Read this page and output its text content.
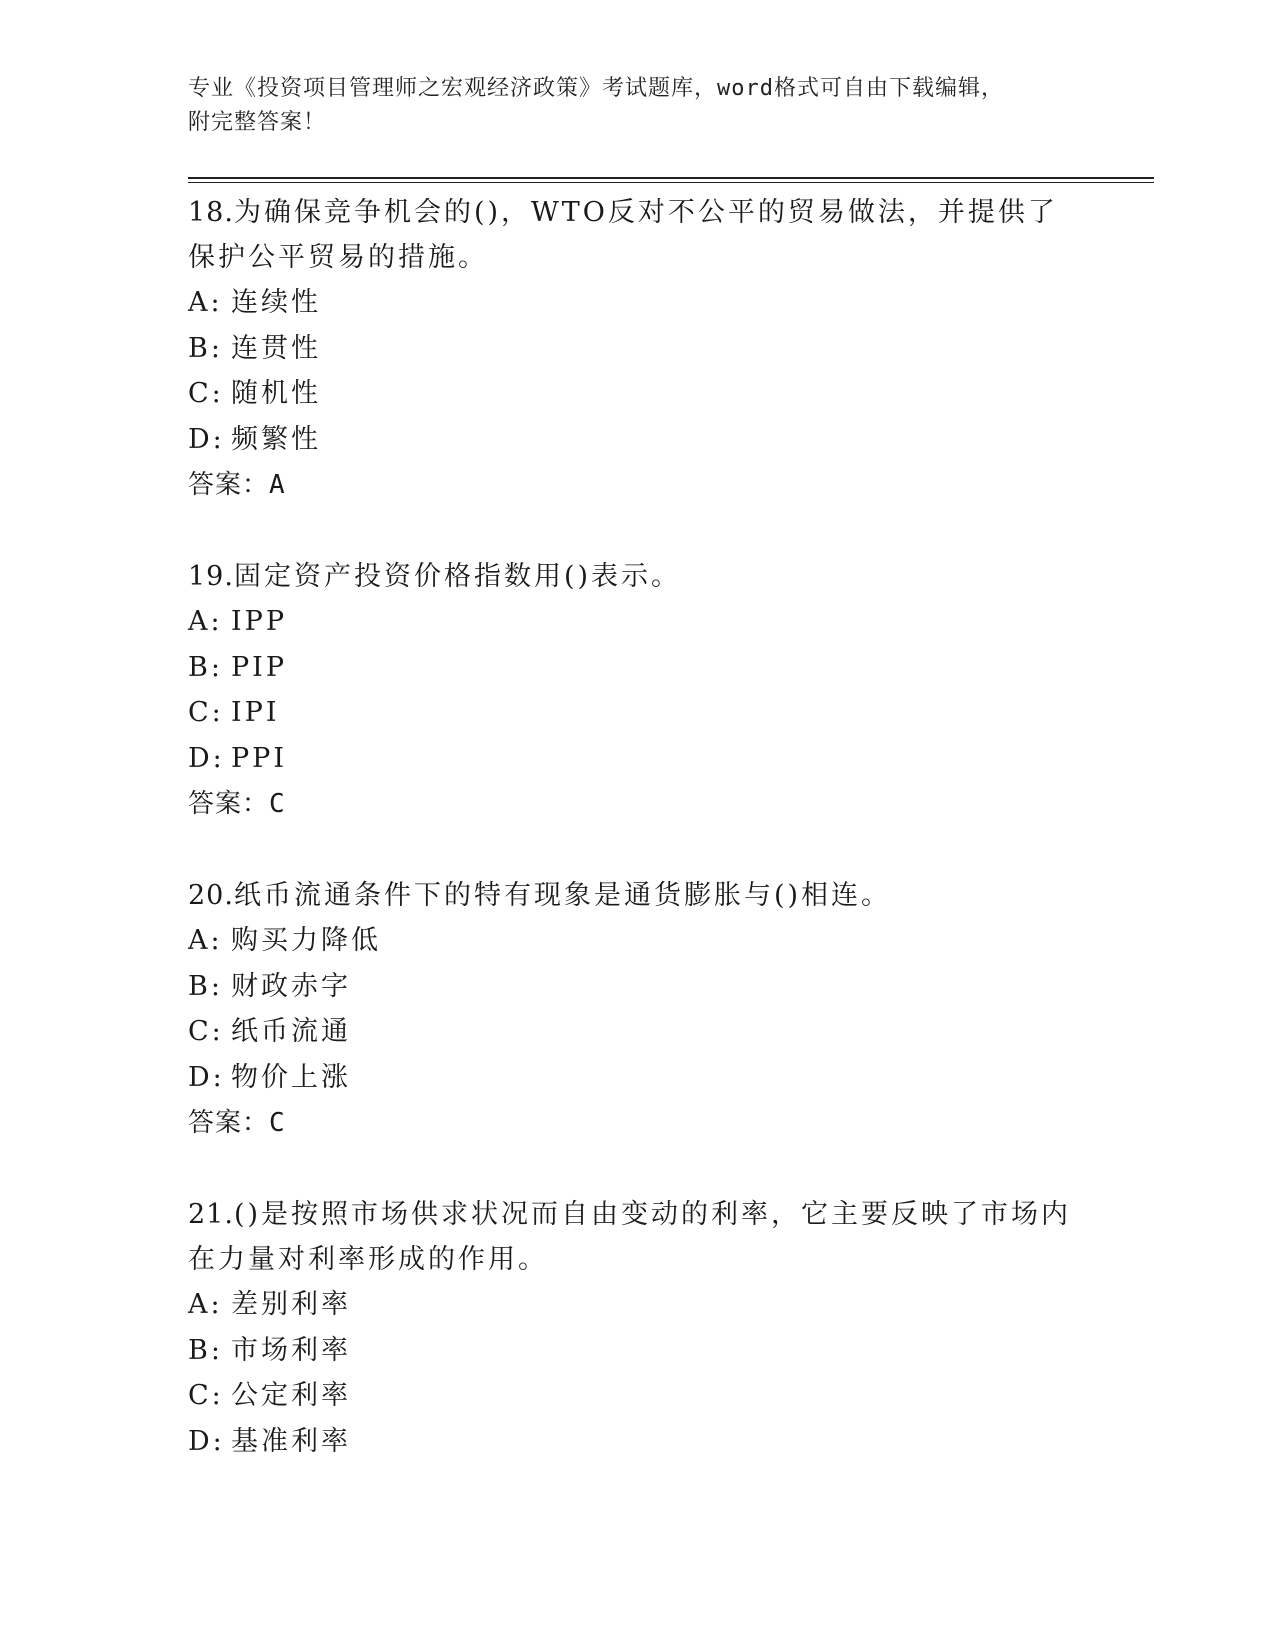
专业《投资项目管理师之宏观经济政策》考试题库，word格式可自由下载编辑，
附完整答案！
18.为确保竞争机会的()，WTO反对不公平的贸易做法，并提供了保护公平贸易的措施。
A: 连续性
B: 连贯性
C: 随机性
D: 频繁性
答案：A
19.固定资产投资价格指数用()表示。
A: IPP
B: PIP
C: IPI
D: PPI
答案：C
20.纸币流通条件下的特有现象是通货膨胀与()相连。
A: 购买力降低
B: 财政赤字
C: 纸币流通
D: 物价上涨
答案：C
21.()是按照市场供求状况而自由变动的利率，它主要反映了市场内在力量对利率形成的作用。
A: 差别利率
B: 市场利率
C: 公定利率
D: 基准利率
